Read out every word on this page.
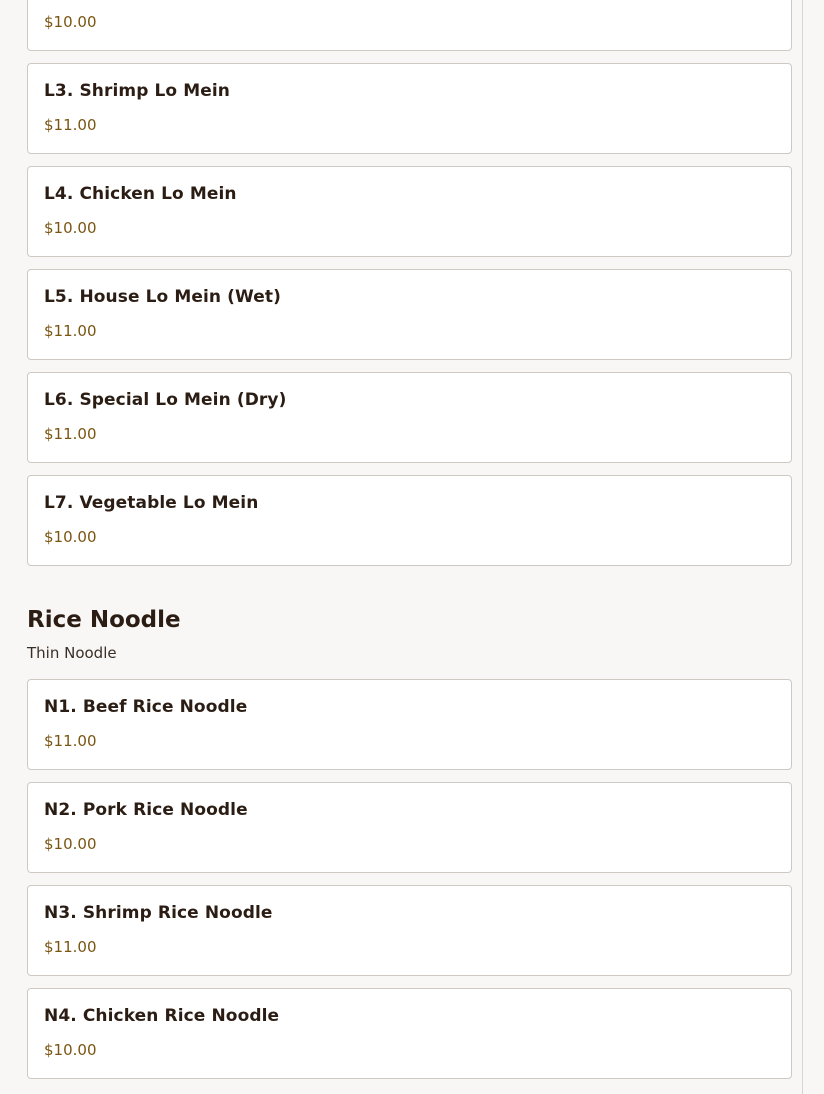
$10.00
L3. Shrimp Lo Mein
$11.00
L4. Chicken Lo Mein
$10.00
L5. House Lo Mein (Wet)
$11.00
L6. Special Lo Mein (Dry)
$11.00
L7. Vegetable Lo Mein
$10.00
Rice Noodle
Thin Noodle
N1. Beef Rice Noodle
$11.00
N2. Pork Rice Noodle
$10.00
N3. Shrimp Rice Noodle
$11.00
N4. Chicken Rice Noodle
$10.00
